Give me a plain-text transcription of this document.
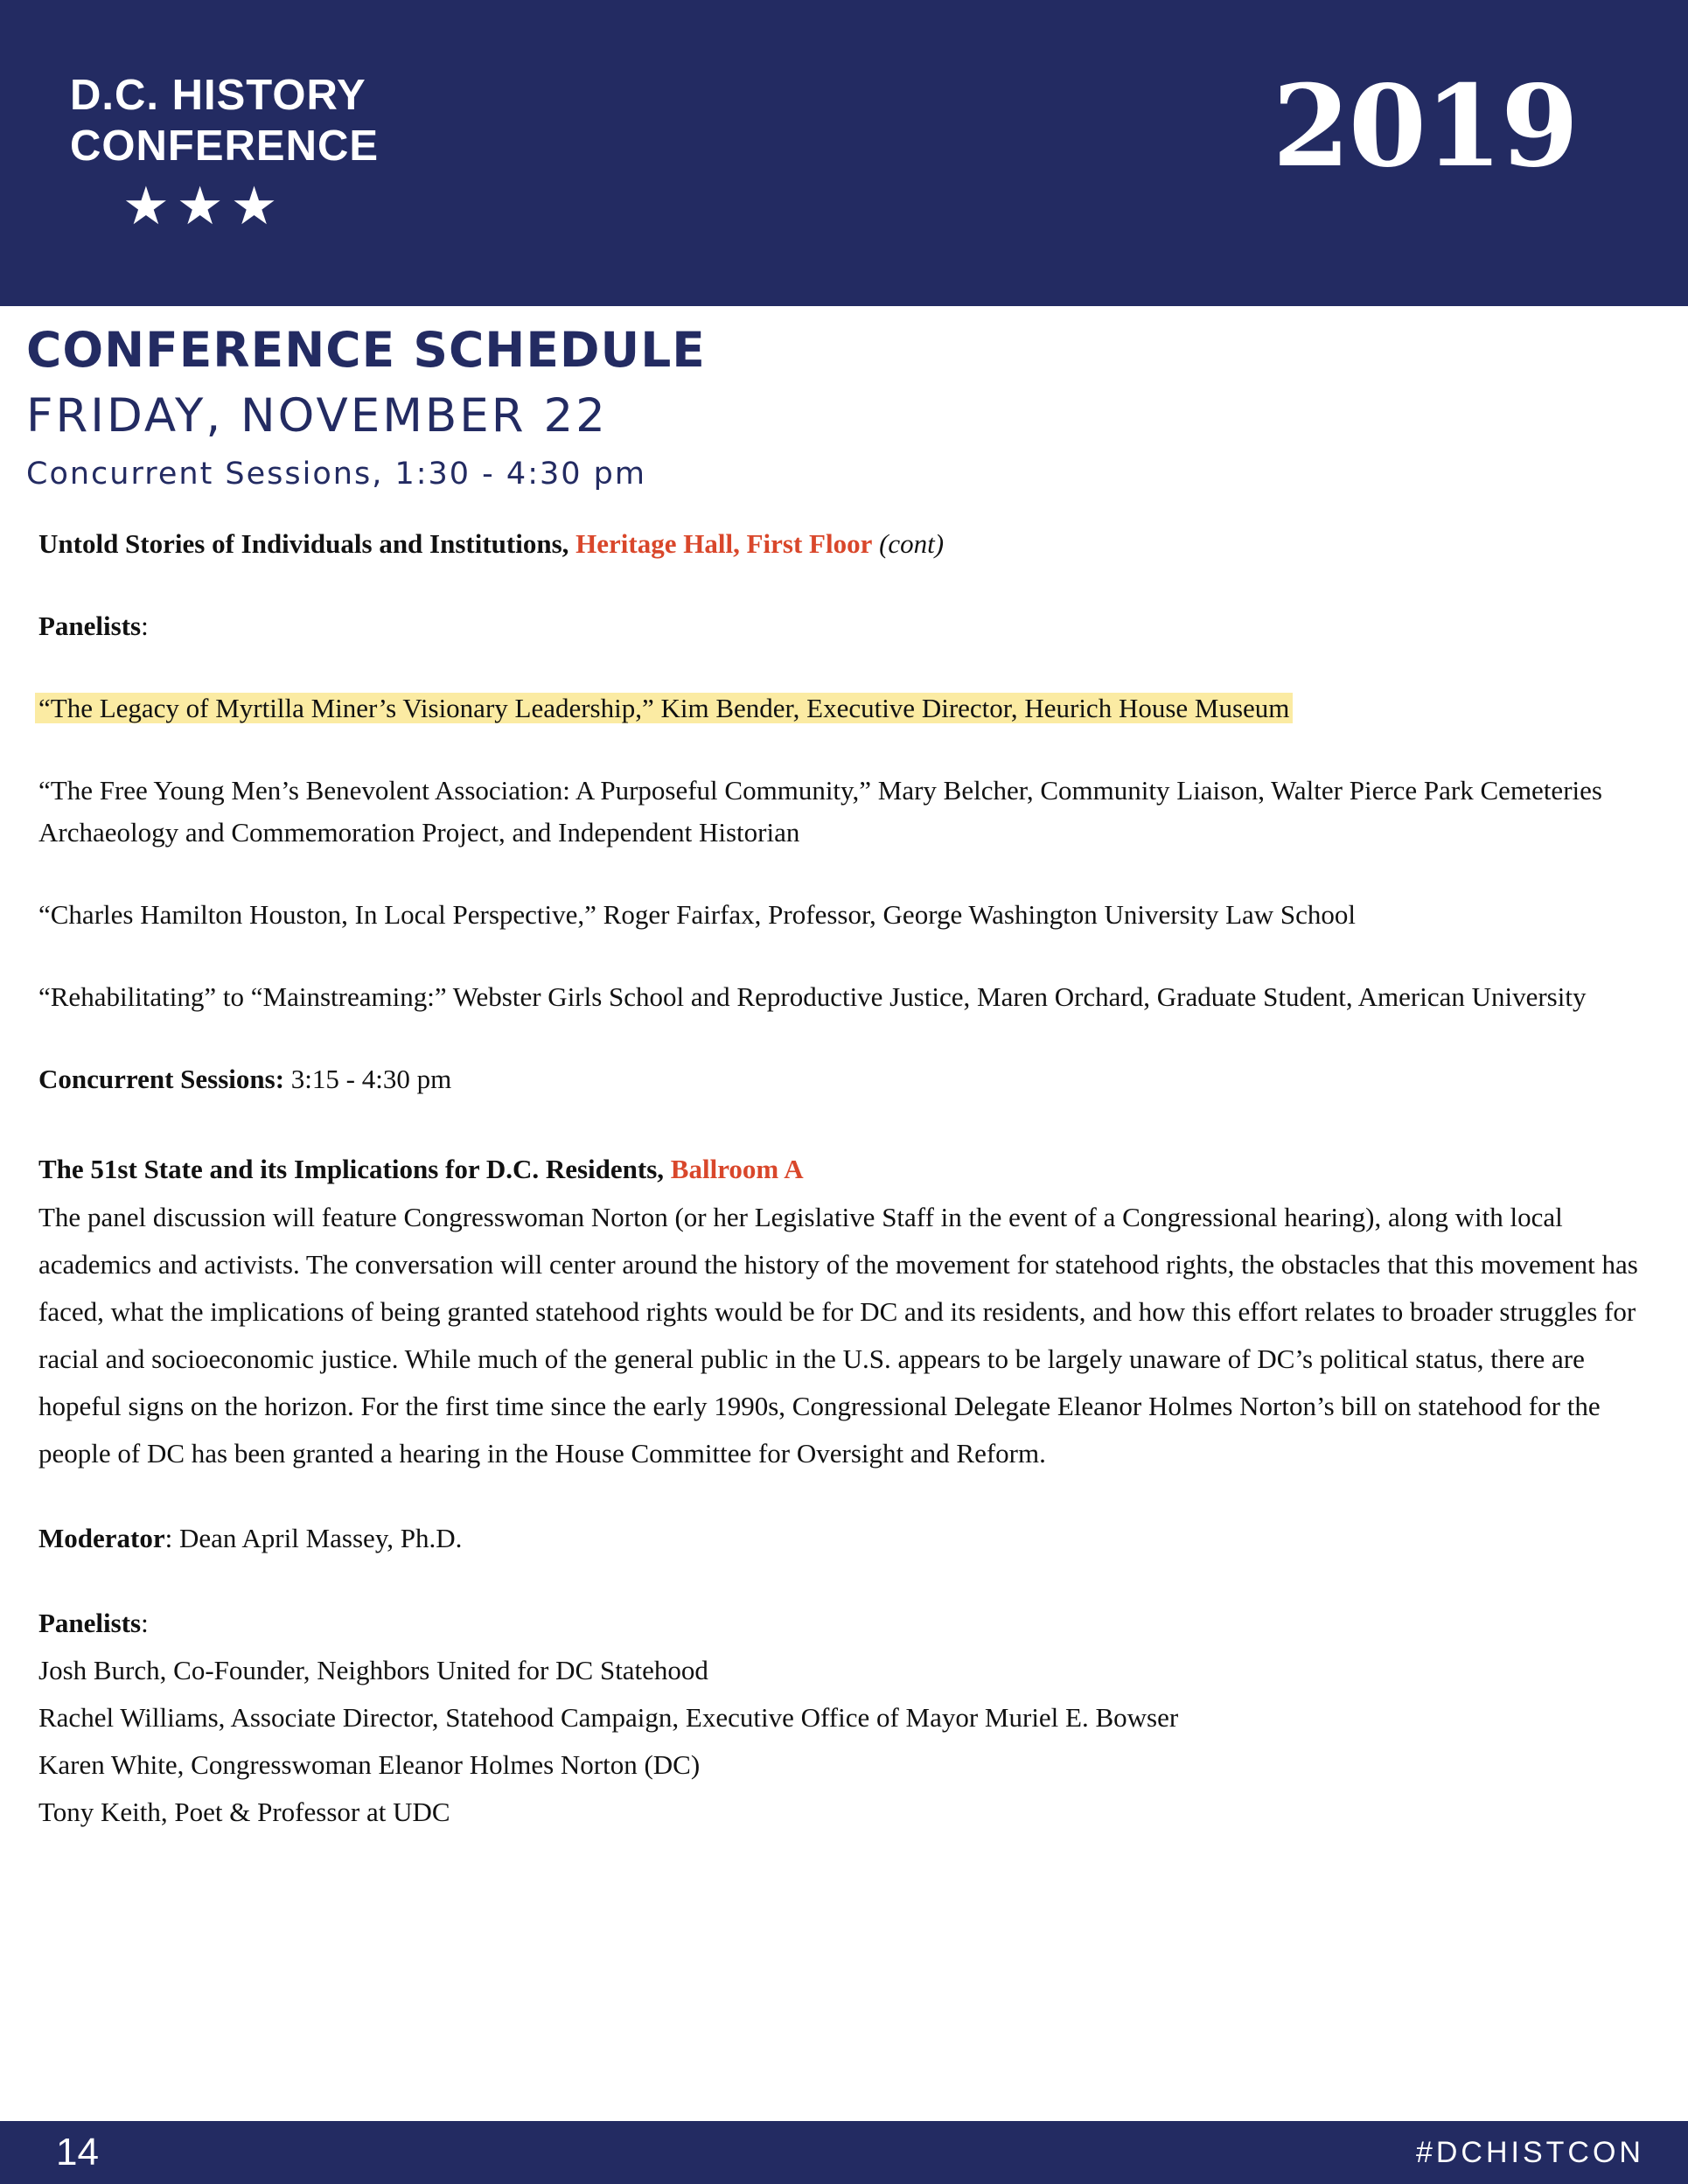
D.C. HISTORY
CONFERENCE
★★★
2019
CONFERENCE SCHEDULE
FRIDAY, NOVEMBER 22
Concurrent Sessions, 1:30 - 4:30 pm

Untold Stories of Individuals and Institutions, Heritage Hall, First Floor (cont)

Panelists:

“The Legacy of Myrtilla Miner’s Visionary Leadership,” Kim Bender, Executive Director, Heurich House Museum

“The Free Young Men’s Benevolent Association: A Purposeful Community,” Mary Belcher, Community Liaison, Walter Pierce Park Cemeteries Archaeology and Commemoration Project, and Independent Historian

“Charles Hamilton Houston, In Local Perspective,” Roger Fairfax, Professor, George Washington University Law School

“Rehabilitating” to “Mainstreaming:” Webster Girls School and Reproductive Justice, Maren Orchard, Graduate Student, American University

Concurrent Sessions: 3:15 - 4:30 pm

The 51st State and its Implications for D.C. Residents, Ballroom A

The panel discussion will feature Congresswoman Norton (or her Legislative Staff in the event of a Congressional hearing), along with local academics and activists. The conversation will center around the history of the movement for statehood rights, the obstacles that this movement has faced, what the implications of being granted statehood rights would be for DC and its residents, and how this effort relates to broader struggles for racial and socioeconomic justice. While much of the general public in the U.S. appears to be largely unaware of DC’s political status, there are hopeful signs on the horizon. For the first time since the early 1990s, Congressional Delegate Eleanor Holmes Norton’s bill on statehood for the people of DC has been granted a hearing in the House Committee for Oversight and Reform.

Moderator: Dean April Massey, Ph.D.

Panelists:

Josh Burch, Co-Founder, Neighbors United for DC Statehood

Rachel Williams, Associate Director, Statehood Campaign, Executive Office of Mayor Muriel E. Bowser

Karen White, Congresswoman Eleanor Holmes Norton (DC)

Tony Keith, Poet & Professor at UDC

14	#DCHISTCON
